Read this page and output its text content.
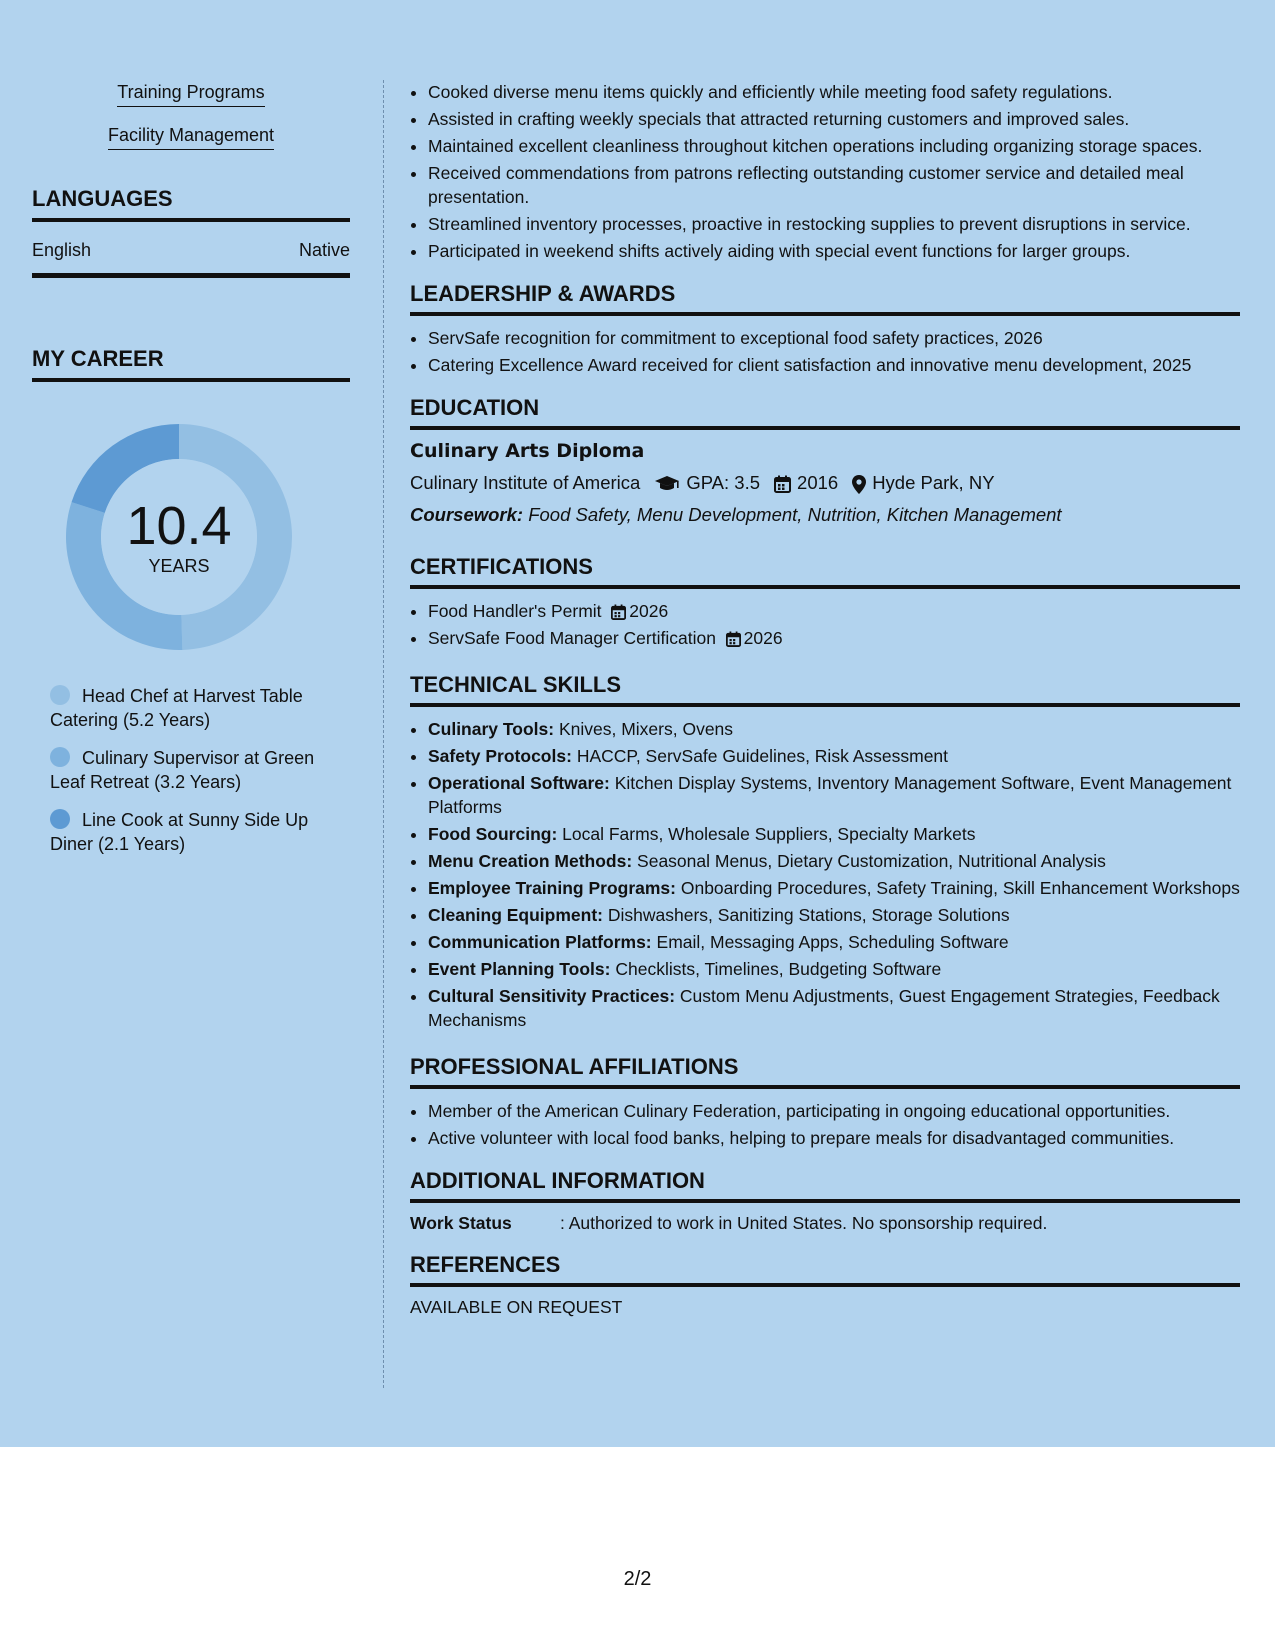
Training Programs
Facility Management
LANGUAGES
English	Native
MY CAREER
10.4
YEARS
Head Chef at Harvest Table Catering (5.2 Years)
Culinary Supervisor at Green Leaf Retreat (3.2 Years)
Line Cook at Sunny Side Up Diner (2.1 Years)
• Cooked diverse menu items quickly and efficiently while meeting food safety regulations.
• Assisted in crafting weekly specials that attracted returning customers and improved sales.
• Maintained excellent cleanliness throughout kitchen operations including organizing storage spaces.
• Received commendations from patrons reflecting outstanding customer service and detailed meal presentation.
• Streamlined inventory processes, proactive in restocking supplies to prevent disruptions in service.
• Participated in weekend shifts actively aiding with special event functions for larger groups.
LEADERSHIP & AWARDS
• ServSafe recognition for commitment to exceptional food safety practices, 2026
• Catering Excellence Award received for client satisfaction and innovative menu development, 2025
EDUCATION
Culinary Arts Diploma
Culinary Institute of America	GPA: 3.5	2016	Hyde Park, NY
Coursework: Food Safety, Menu Development, Nutrition, Kitchen Management
CERTIFICATIONS
• Food Handler's Permit 2026
• ServSafe Food Manager Certification 2026
TECHNICAL SKILLS
• Culinary Tools: Knives, Mixers, Ovens
• Safety Protocols: HACCP, ServSafe Guidelines, Risk Assessment
• Operational Software: Kitchen Display Systems, Inventory Management Software, Event Management Platforms
• Food Sourcing: Local Farms, Wholesale Suppliers, Specialty Markets
• Menu Creation Methods: Seasonal Menus, Dietary Customization, Nutritional Analysis
• Employee Training Programs: Onboarding Procedures, Safety Training, Skill Enhancement Workshops
• Cleaning Equipment: Dishwashers, Sanitizing Stations, Storage Solutions
• Communication Platforms: Email, Messaging Apps, Scheduling Software
• Event Planning Tools: Checklists, Timelines, Budgeting Software
• Cultural Sensitivity Practices: Custom Menu Adjustments, Guest Engagement Strategies, Feedback Mechanisms
PROFESSIONAL AFFILIATIONS
• Member of the American Culinary Federation, participating in ongoing educational opportunities.
• Active volunteer with local food banks, helping to prepare meals for disadvantaged communities.
ADDITIONAL INFORMATION
Work Status	: Authorized to work in United States. No sponsorship required.
REFERENCES
AVAILABLE ON REQUEST
2/2
